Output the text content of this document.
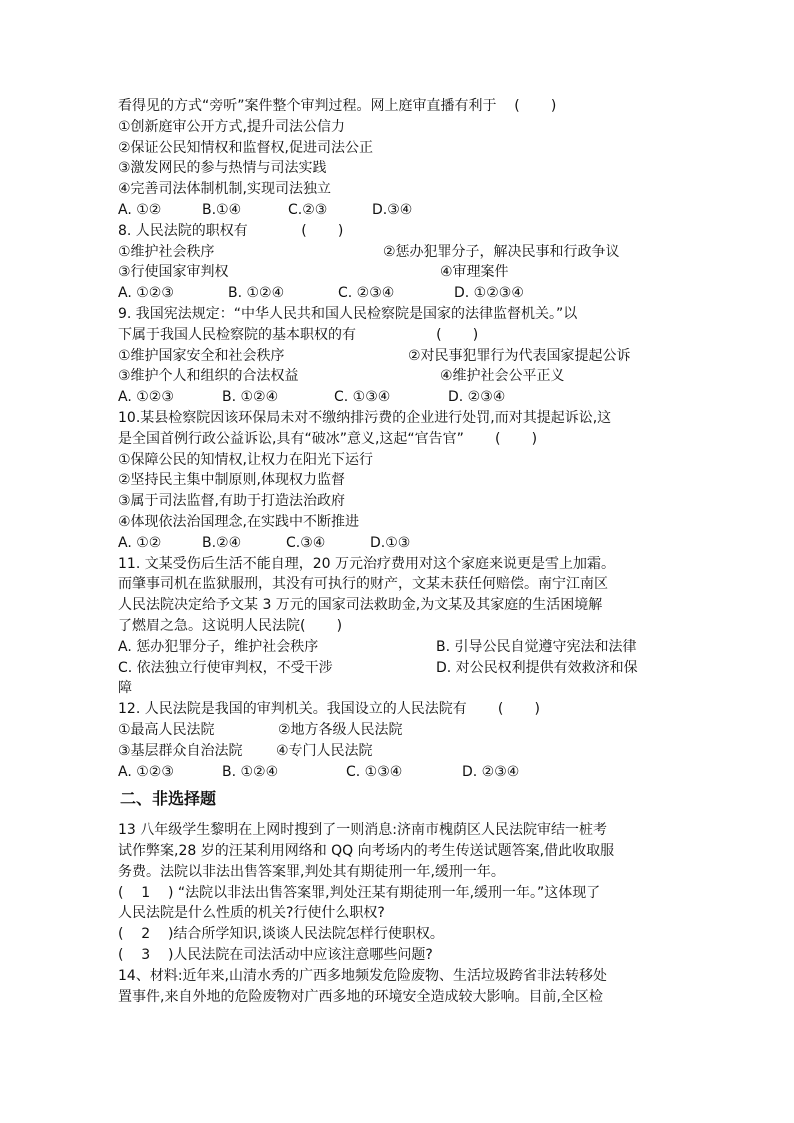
看得见的方式“旁听”案件整个审判过程。网上庭审直播有利于    (       )
①创新庭审公开方式,提升司法公信力
②保证公民知情权和监督权,促进司法公正
③激发网民的参与热情与司法实践
④完善司法体制机制,实现司法独立
A. ①②	B.①④	C.②③	D.③④
8. 人民法院的职权有            (       )
①维护社会秩序	②惩办犯罪分子，解决民事和行政争议
③行使国家审判权	④审理案件
A. ①②③	B. ①②④	C. ②③④	D. ①②③④
9. 我国宪法规定：“中华人民共和国人民检察院是国家的法律监督机关。”以
下属于我国人民检察院的基本职权的有                  (       )
①维护国家安全和社会秩序	②对民事犯罪行为代表国家提起公诉
③维护个人和组织的合法权益	④维护社会公平正义
A. ①②③	B. ①②④	C. ①③④	D. ②③④
10.某县检察院因该环保局未对不缴纳排污费的企业进行处罚,而对其提起诉讼,这
是全国首例行政公益诉讼,具有“破冰”意义,这起“官告官”       (       )
①保障公民的知情权,让权力在阳光下运行
②坚持民主集中制原则,体现权力监督
③属于司法监督,有助于打造法治政府
④体现依法治国理念,在实践中不断推进
A. ①②	B.②④	C.③④	D.①③
11. 文某受伤后生活不能自理，20 万元治疗费用对这个家庭来说更是雪上加霜。
而肇事司机在监狱服刑，其没有可执行的财产，文某未获任何赔偿。南宁江南区
人民法院决定给予文某 3 万元的国家司法救助金,为文某及其家庭的生活困境解
了燃眉之急。这说明人民法院(       )
A. 惩办犯罪分子，维护社会秩序	B. 引导公民自觉遵守宪法和法律
C. 依法独立行使审判权，不受干涉	D. 对公民权利提供有效救济和保
障
12. 人民法院是我国的审判机关。我国设立的人民法院有       (       )
①最高人民法院	②地方各级人民法院
③基层群众自治法院 ④专门人民法院
A. ①②③	B. ①②④	C. ①③④	D. ②③④
二、非选择题
13 八年级学生黎明在上网时搜到了一则消息:济南市槐荫区人民法院审结一桩考
试作弊案,28 岁的汪某利用网络和 QQ 向考场内的考生传送试题答案,借此收取服
务费。法院以非法出售答案罪,判处其有期徒刑一年,缓刑一年。
(    1    ) “法院以非法出售答案罪,判处汪某有期徒刑一年,缓刑一年。”这体现了
人民法院是什么性质的机关?行使什么职权?
(    2    )结合所学知识,谈谈人民法院怎样行使职权。
(    3    )人民法院在司法活动中应该注意哪些问题?
14、材料:近年来,山清水秀的广西多地频发危险废物、生活垃圾跨省非法转移处
置事件,来自外地的危险废物对广西多地的环境安全造成较大影响。目前,全区检
